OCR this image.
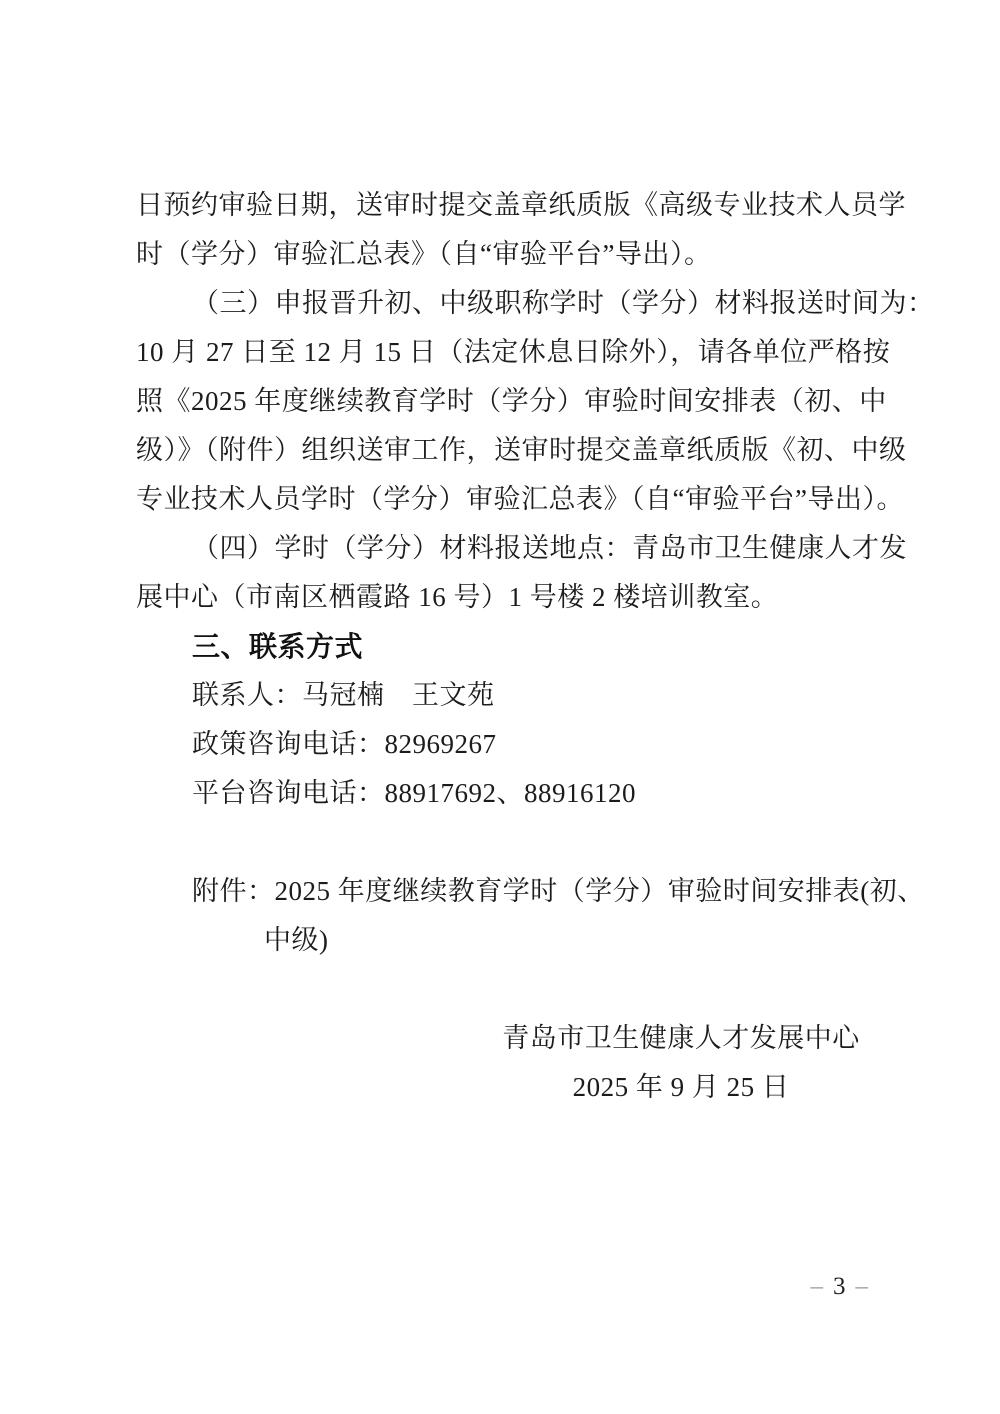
日预约审验日期，送审时提交盖章纸质版《高级专业技术人员学
时（学分）审验汇总表》（自“审验平台”导出）。
（三）申报晋升初、中级职称学时（学分）材料报送时间为：
10 月 27 日至 12 月 15 日（法定休息日除外），请各单位严格按
照《2025 年度继续教育学时（学分）审验时间安排表（初、中
级）》（附件）组织送审工作，送审时提交盖章纸质版《初、中级
专业技术人员学时（学分）审验汇总表》（自“审验平台”导出）。
（四）学时（学分）材料报送地点：青岛市卫生健康人才发
展中心（市南区栖霞路 16 号）1 号楼 2 楼培训教室。
三、联系方式
联系人：马冠楠　王文苑
政策咨询电话：82969267
平台咨询电话：88917692、88916120
附件：2025 年度继续教育学时（学分）审验时间安排表(初、
中级)
青岛市卫生健康人才发展中心
2025 年 9 月 25 日
– 3 –
